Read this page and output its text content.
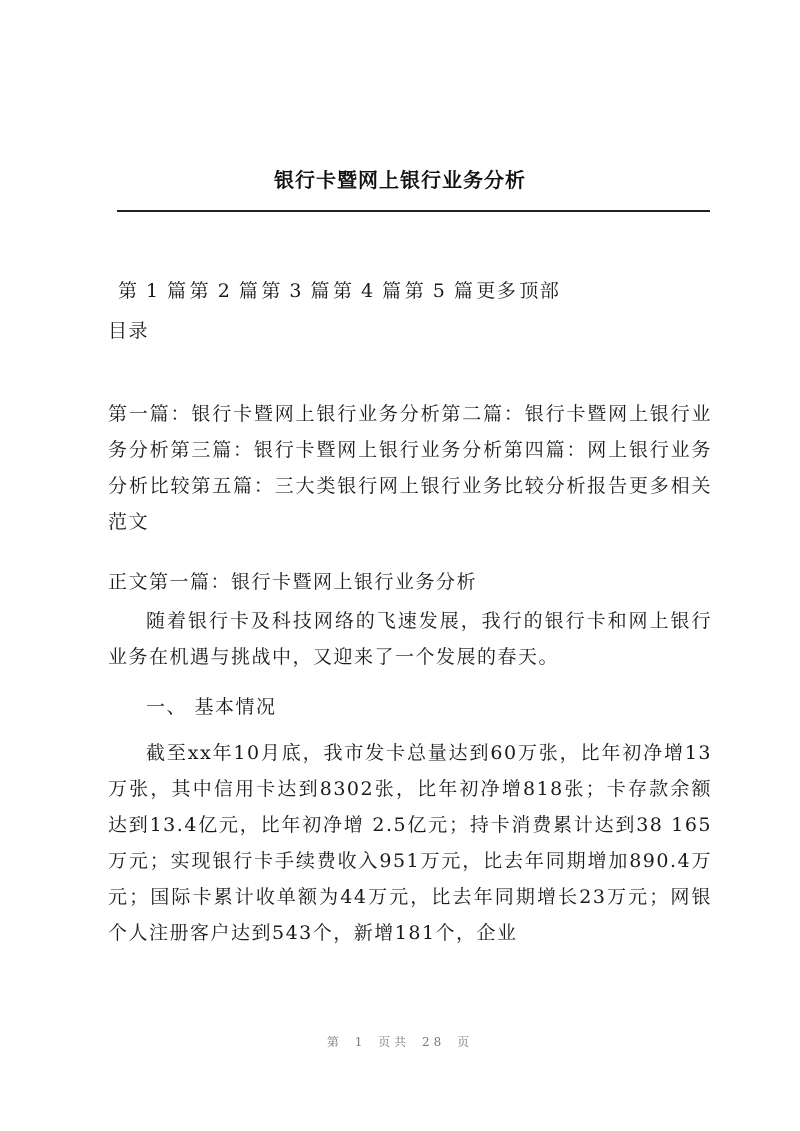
银行卡暨网上银行业务分析
第 1 篇 第 2 篇 第 3 篇 第 4 篇 第 5 篇 更多 顶部
目录
第一篇：银行卡暨网上银行业务分析第二篇：银行卡暨网上银行业务分析第三篇：银行卡暨网上银行业务分析第四篇：网上银行业务分析比较第五篇：三大类银行网上银行业务比较分析报告更多相关范文
正文第一篇：银行卡暨网上银行业务分析
随着银行卡及科技网络的飞速发展，我行的银行卡和网上银行业务在机遇与挑战中，又迎来了一个发展的春天。
一、 基本情况
截至xx年10月底，我市发卡总量达到60万张，比年初净增13万张，其中信用卡达到8302张，比年初净增818张；卡存款余额达到13.4亿元，比年初净增 2.5亿元；持卡消费累计达到38 165万元；实现银行卡手续费收入951万元，比去年同期增加890.4万元；国际卡累计收单额为44万元，比去年同期增长23万元；网银个人注册客户达到543个，新增181个，企业
第 1 页共 28 页
